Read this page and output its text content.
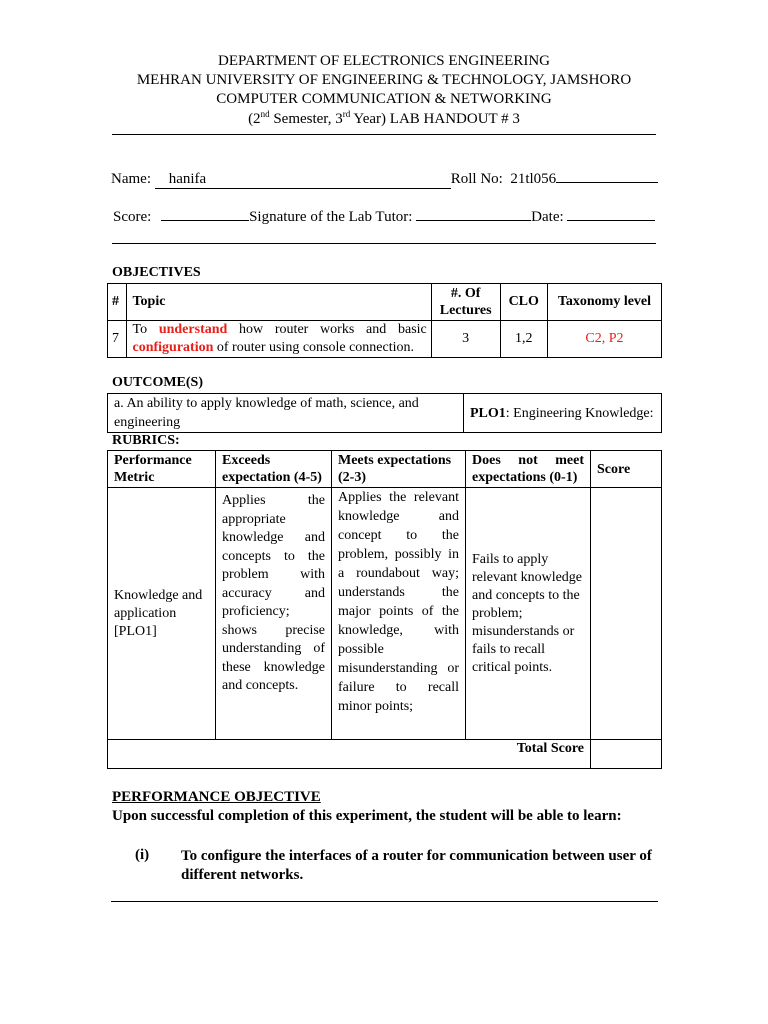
DEPARTMENT OF ELECTRONICS ENGINEERING
MEHRAN UNIVERSITY OF ENGINEERING & TECHNOLOGY, JAMSHORO
COMPUTER COMMUNICATION & NETWORKING
(2nd Semester, 3rd Year) LAB HANDOUT # 3
Name: hanifa	Roll No: 21tl056
Score:	Signature of the Lab Tutor:	Date:
OBJECTIVES
#	Topic	#. Of Lectures	CLO	Taxonomy level
7	To understand how router works and basic configuration of router using console connection.	3	1,2	C2, P2
OUTCOME(S)
a. An ability to apply knowledge of math, science, and engineering	PLO1: Engineering Knowledge:
RUBRICS:
Performance Metric	Exceeds expectation (4-5)	Meets expectations (2-3)	Does not meet expectations (0-1)	Score
Knowledge and application [PLO1]	Applies the appropriate knowledge and concepts to the problem with accuracy and proficiency; shows precise understanding of these knowledge and concepts.	Applies the relevant knowledge and concept to the problem, possibly in a roundabout way; understands the major points of the knowledge, with possible misunderstanding or failure to recall minor points;	Fails to apply relevant knowledge and concepts to the problem; misunderstands or fails to recall critical points.	
Total Score				
PERFORMANCE OBJECTIVE
Upon successful completion of this experiment, the student will be able to learn:
(i) To configure the interfaces of a router for communication between user of different networks.
